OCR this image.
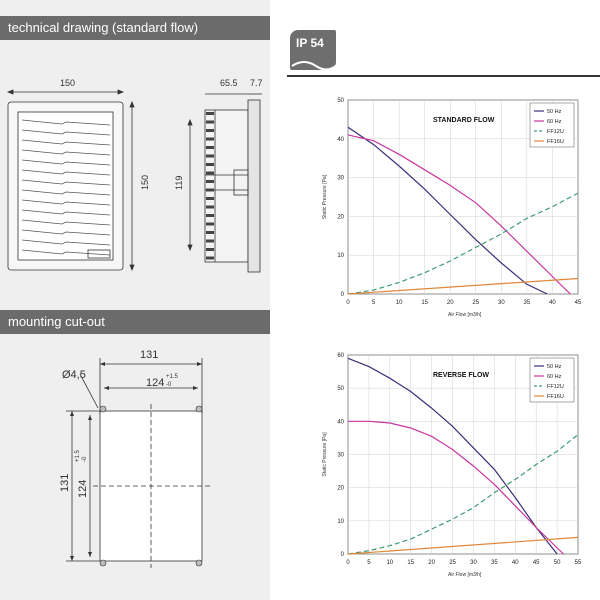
technical drawing (standard flow)
150
150
65.5 7.7
119
mounting cut-out
131
124 +1.5
-0
Ø4,5
131 124
+1.5 -0
IP 54
0	5	10	15	20	25	30	35	40	45
0
10
20
30
40
50
STANDARD FLOW
Air Flow [m3/h]
Static Pressure [Pa]
50 Hz
60 Hz
FF12U
FF16U
0	5	10 15 20 25 30 35 40 45 50 55
0
10
20
30
40
50
60
REVERSE FLOW
Air Flow [m3/h]
Static Pressure [Pa]
50 Hz
60 Hz
FF12U
FF16U
